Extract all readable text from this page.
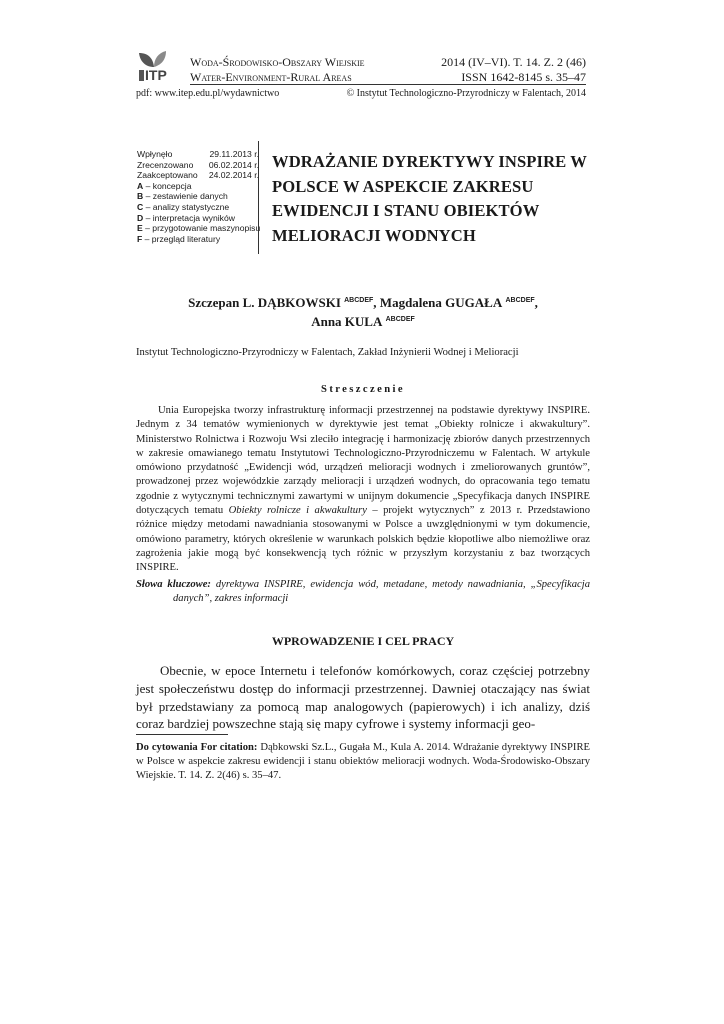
ITP
Woda-Środowisko-Obszary Wiejskie
Water-Environment-Rural Areas
2014 (IV–VI). T. 14. Z. 2 (46)
ISSN 1642-8145 s. 35–47
pdf: www.itep.edu.pl/wydawnictwo	© Instytut Technologiczno-Przyrodniczy w Falentach, 2014
Wpłynęło	29.11.2013 r.
Zrecenzowano 06.02.2014 r.
Zaakceptowano 24.02.2014 r.
A – koncepcja
B – zestawienie danych
C – analizy statystyczne
D – interpretacja wyników
E – przygotowanie maszynopisu
F – przegląd literatury
WDRAŻANIE DYREKTYWY INSPIRE W POLSCE W ASPEKCIE ZAKRESU EWIDENCJI I STANU OBIEKTÓW MELIORACJI WODNYCH
Szczepan L. DĄBKOWSKI $^{ABCDEF}$, Magdalena GUGAŁA $^{ABCDEF}$,
Anna KULA $^{ABCDEF}$
Instytut Technologiczno-Przyrodniczy w Falentach, Zakład Inżynierii Wodnej i Melioracji
Streszczenie
Unia Europejska tworzy infrastrukturę informacji przestrzennej na podstawie dyrektywy INSPIRE. Jednym z 34 tematów wymienionych w dyrektywie jest temat „Obiekty rolnicze i akwakultury”. Ministerstwo Rolnictwa i Rozwoju Wsi zleciło integrację i harmonizację zbiorów danych przestrzennych w zakresie omawianego tematu Instytutowi Technologiczno-Przyrodniczemu w Falentach. W artykule omówiono przydatność „Ewidencji wód, urządzeń melioracji wodnych i zmeliorowanych gruntów”, prowadzonej przez wojewódzkie zarządy melioracji i urządzeń wodnych, do opracowania tego tematu zgodnie z wytycznymi technicznymi zawartymi w unijnym dokumencie „Specyfikacja danych INSPIRE dotyczących tematu Obiekty rolnicze i akwakultury – projekt wytycznych” z 2013 r. Przedstawiono różnice między metodami nawadniania stosowanymi w Polsce a uwzględnionymi w tym dokumencie, omówiono parametry, których określenie w warunkach polskich będzie kłopotliwe albo niemożliwe oraz zagrożenia jakie mogą być konsekwencją tych różnic w przyszłym korzystaniu z baz tworzących INSPIRE.
Słowa kluczowe: dyrektywa INSPIRE, ewidencja wód, metadane, metody nawadniania, „Specyfikacja danych”, zakres informacji
WPROWADZENIE I CEL PRACY
Obecnie, w epoce Internetu i telefonów komórkowych, coraz częściej potrzebny jest społeczeństwu dostęp do informacji przestrzennej. Dawniej otaczający nas świat był przedstawiany za pomocą map analogowych (papierowych) i ich analizy, dziś coraz bardziej powszechne stają się mapy cyfrowe i systemy informacji geo-
Do cytowania For citation: Dąbkowski Sz.L., Gugała M., Kula A. 2014. Wdrażanie dyrektywy INSPIRE w Polsce w aspekcie zakresu ewidencji i stanu obiektów melioracji wodnych. Woda-Środowisko-Obszary Wiejskie. T. 14. Z. 2(46) s. 35–47.
